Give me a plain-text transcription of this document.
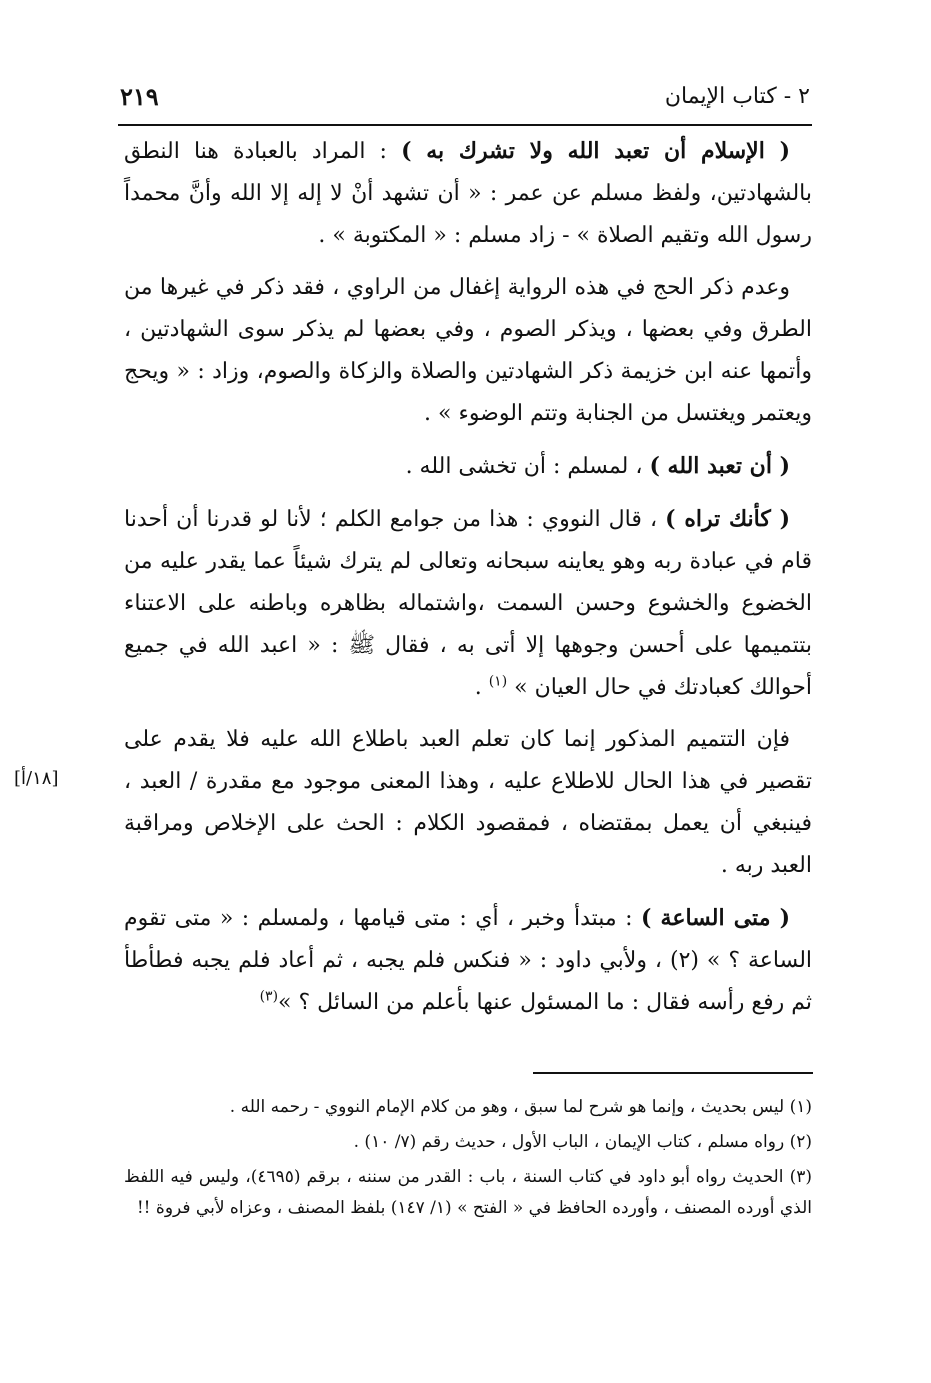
٢ - كتاب الإيمان
٢١٩
[١٨/أ]

( الإسلام أن تعبد الله ولا تشرك به ) : المراد بالعبادة هنا النطق بالشهادتين، ولفظ مسلم عن عمر : « أن تشهد أنْ لا إله إلا الله وأنَّ محمداً رسول الله وتقيم الصلاة » - زاد مسلم : « المكتوبة » .

وعدم ذكر الحج في هذه الرواية إغفال من الراوي ، فقد ذكر في غيرها من الطرق وفي بعضها ، ويذكر الصوم ، وفي بعضها لم يذكر سوى الشهادتين ، وأتمها عنه ابن خزيمة ذكر الشهادتين والصلاة والزكاة والصوم، وزاد : « ويحج ويعتمر ويغتسل من الجنابة وتتم الوضوء » .

( أن تعبد الله ) ، لمسلم : أن تخشى الله .

( كأنك تراه ) ، قال النووي : هذا من جوامع الكلم ؛ لأنا لو قدرنا أن أحدنا قام في عبادة ربه وهو يعاينه سبحانه وتعالى لم يترك شيئاً عما يقدر عليه من الخضوع والخشوع وحسن السمت ،واشتماله بظاهره وباطنه على الاعتناء بتتميمها على أحسن وجوهها إلا أتى به ، فقال ﷺ : « اعبد الله في جميع أحوالك كعبادتك في حال العيان » $^{(١)}$ .

فإن التتميم المذكور إنما كان تعلم العبد باطلاع الله عليه فلا يقدم على تقصير في هذا الحال للاطلاع عليه ، وهذا المعنى موجود مع مقدرة / العبد ، فينبغي أن يعمل بمقتضاه ، فمقصود الكلام : الحث على الإخلاص ومراقبة العبد ربه .

( متى الساعة ) : مبتدأ وخبر ، أي : متى قيامها ، ولمسلم : « متى تقوم الساعة ؟ » (٢) ، ولأبي داود : « فنكس فلم يجبه ، ثم أعاد فلم يجبه فطأطأ ثم رفع رأسه فقال : ما المسئول عنها بأعلم من السائل ؟ »$^{(٣)}$

(١) ليس بحديث ، وإنما هو شرح لما سبق ، وهو من كلام الإمام النووي - رحمه الله .

(٢) رواه مسلم ، كتاب الإيمان ، الباب الأول ، حديث رقم (٧/ ١٠) .

(٣) الحديث رواه أبو داود في كتاب السنة ، باب : القدر من سننه ، برقم (٤٦٩٥)، وليس فيه اللفظ الذي أورده المصنف ، وأورده الحافظ في « الفتح » (١/ ١٤٧) بلفظ المصنف ، وعزاه لأبي فروة !!
